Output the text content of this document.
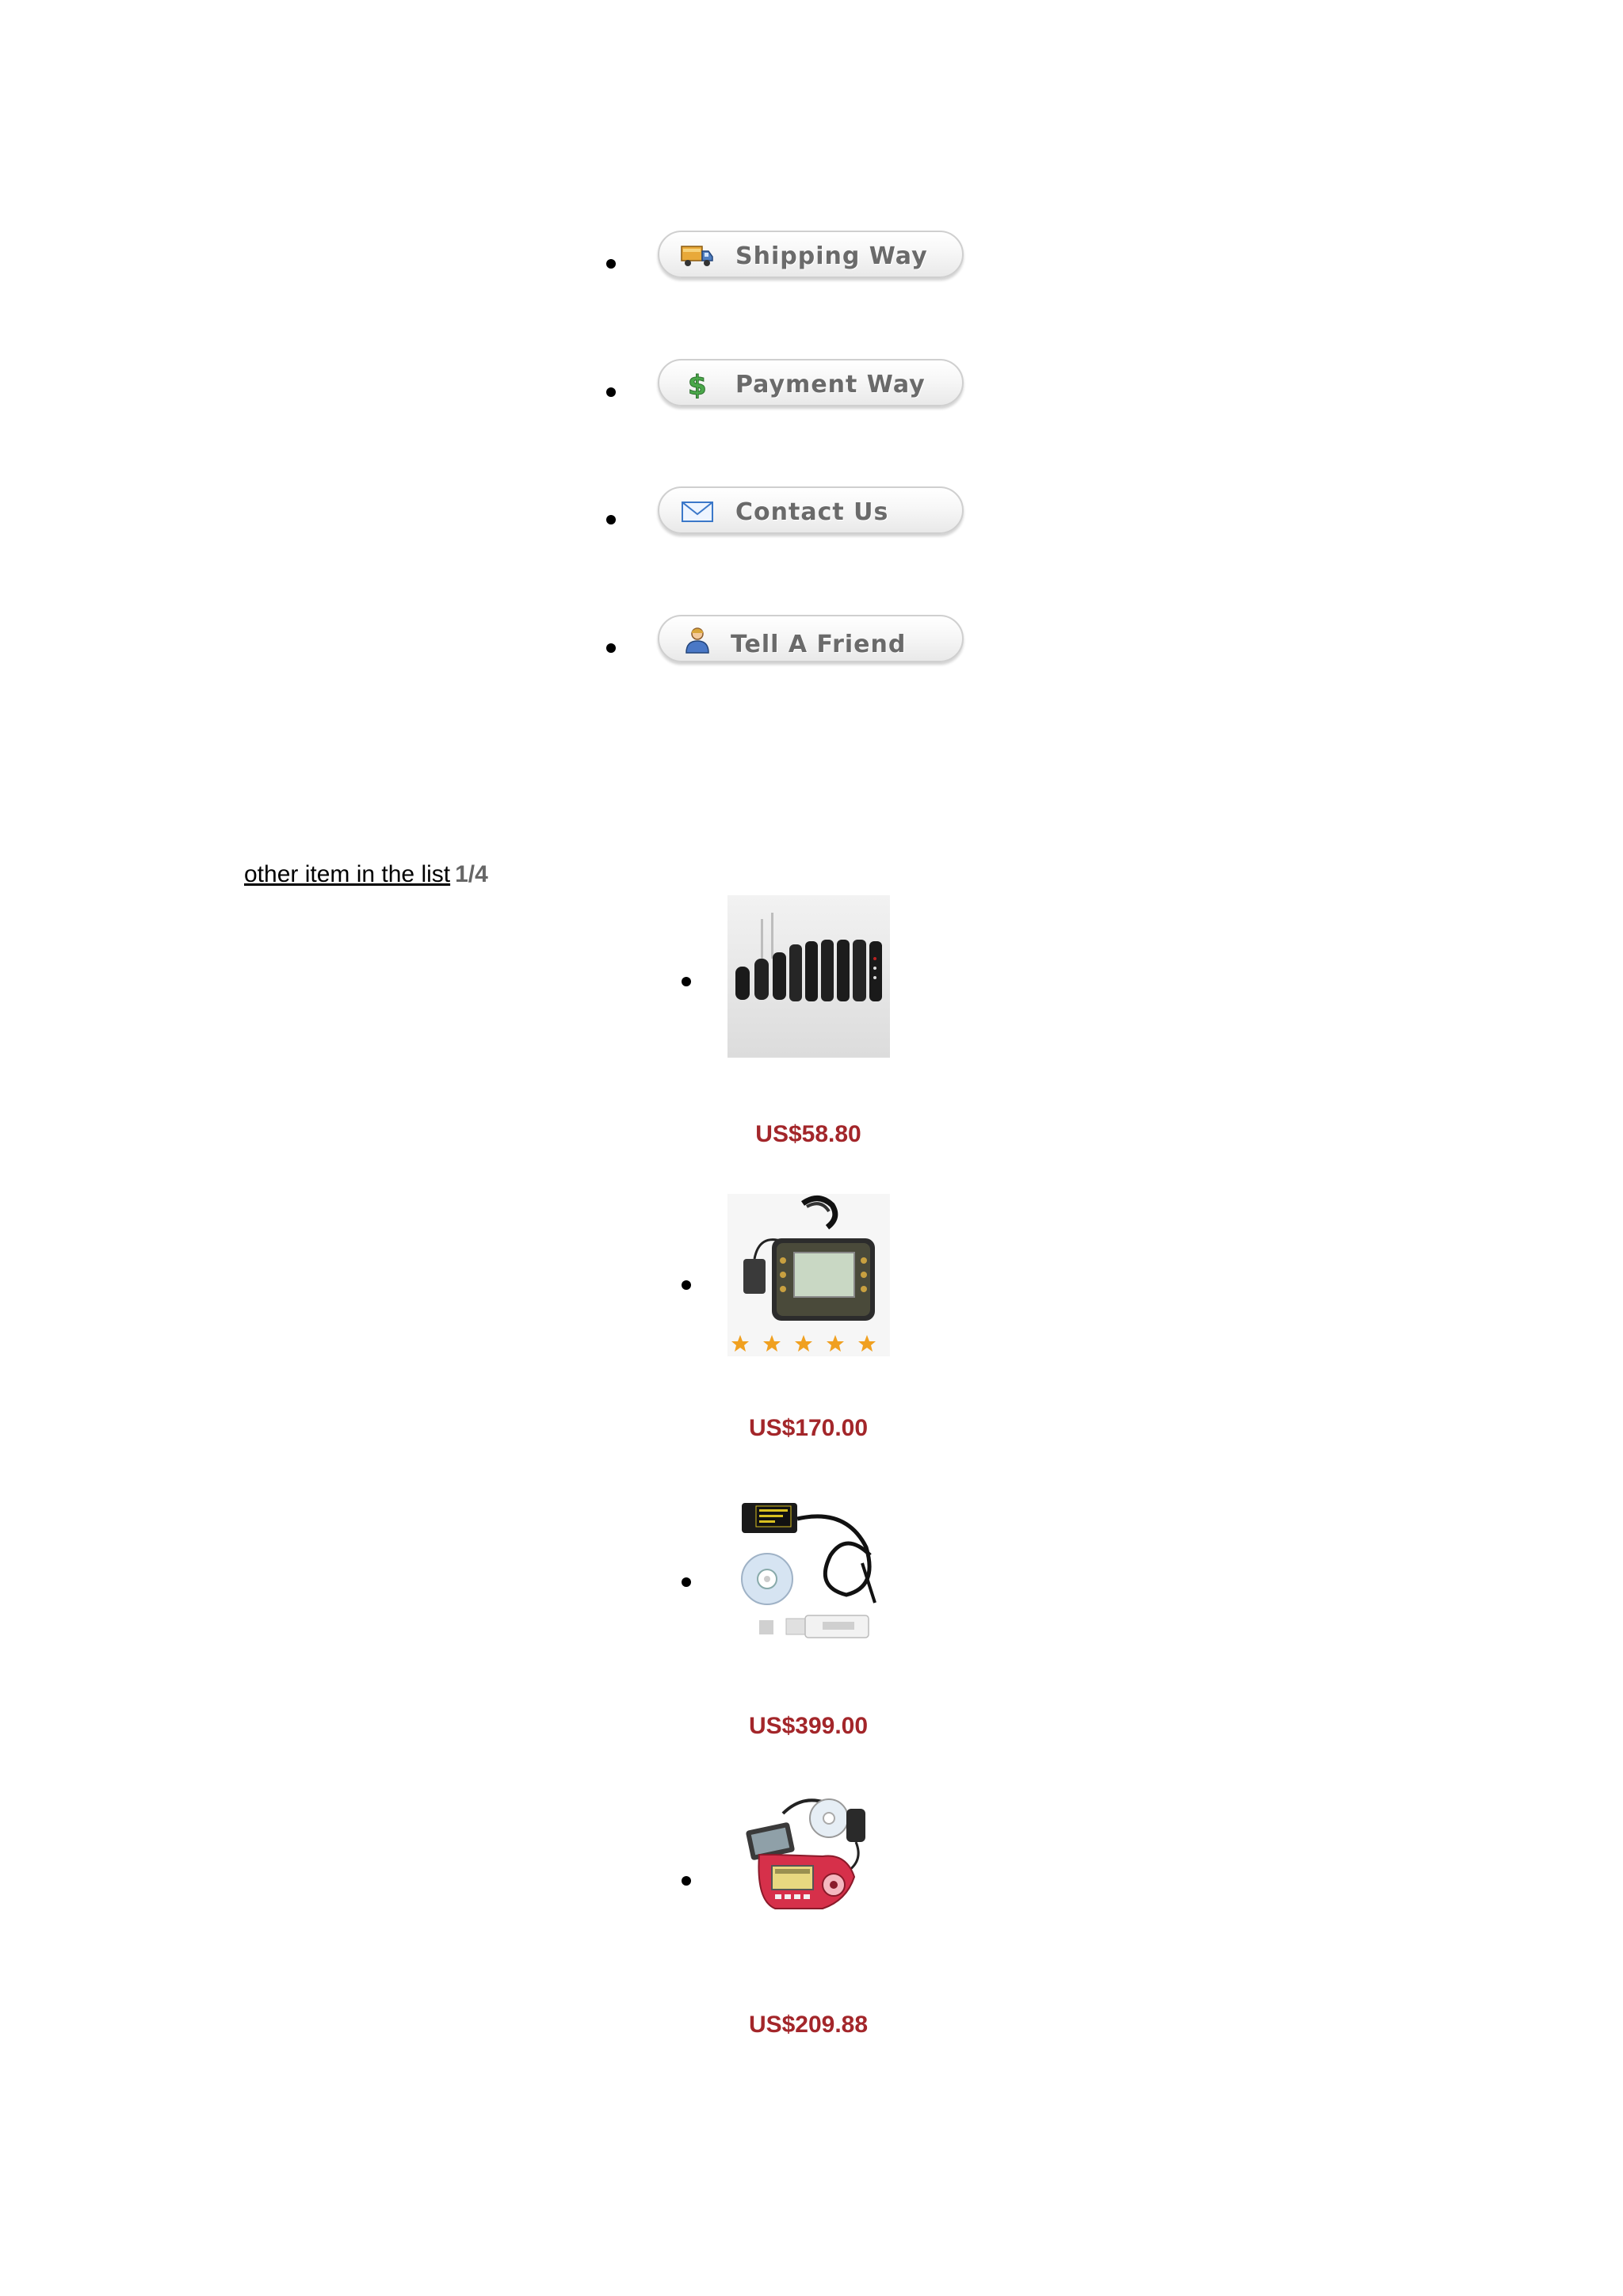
Shipping Way
$ Payment Way
Contact Us
Tell A Friend
other item in the list 1/4
US$58.80
US$170.00
US$399.00
US$209.88
